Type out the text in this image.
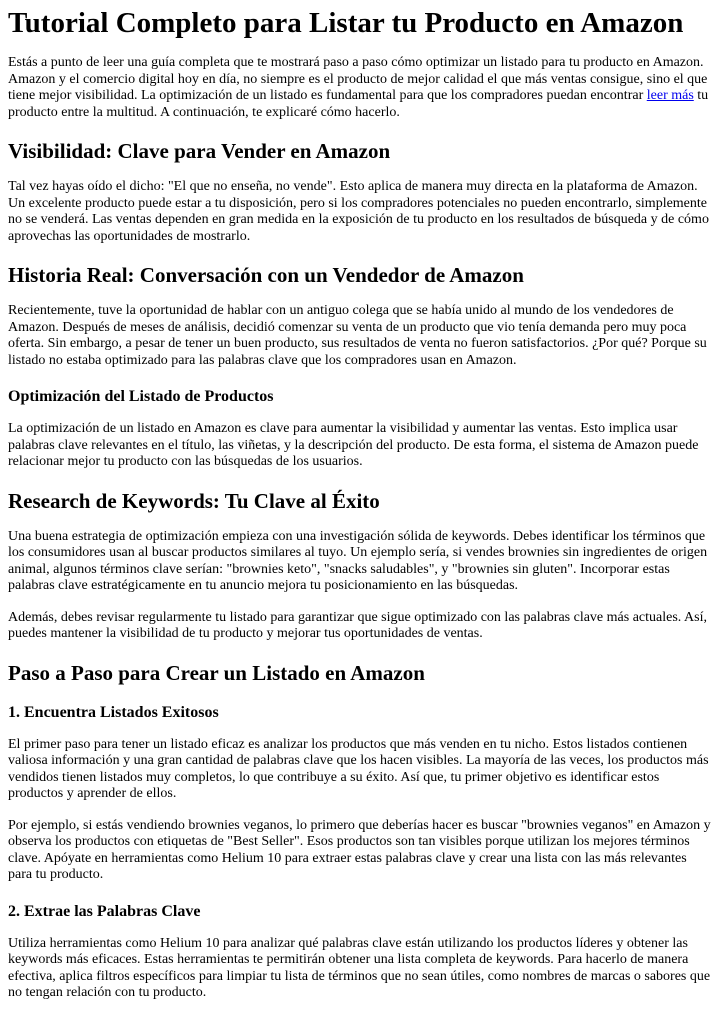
Tutorial Completo para Listar tu Producto en Amazon

Estás a punto de leer una guía completa que te mostrará paso a paso cómo optimizar un listado para tu producto en Amazon. Amazon y el comercio digital hoy en día, no siempre es el producto de mejor calidad el que más ventas consigue, sino el que tiene mejor visibilidad. La optimización de un listado es fundamental para que los compradores puedan encontrar leer más tu producto entre la multitud. A continuación, te explicaré cómo hacerlo.

Visibilidad: Clave para Vender en Amazon

Tal vez hayas oído el dicho: "El que no enseña, no vende". Esto aplica de manera muy directa en la plataforma de Amazon. Un excelente producto puede estar a tu disposición, pero si los compradores potenciales no pueden encontrarlo, simplemente no se venderá. Las ventas dependen en gran medida en la exposición de tu producto en los resultados de búsqueda y de cómo aprovechas las oportunidades de mostrarlo.

Historia Real: Conversación con un Vendedor de Amazon

Recientemente, tuve la oportunidad de hablar con un antiguo colega que se había unido al mundo de los vendedores de Amazon. Después de meses de análisis, decidió comenzar su venta de un producto que vio tenía demanda pero muy poca oferta. Sin embargo, a pesar de tener un buen producto, sus resultados de venta no fueron satisfactorios. ¿Por qué? Porque su listado no estaba optimizado para las palabras clave que los compradores usan en Amazon.

Optimización del Listado de Productos

La optimización de un listado en Amazon es clave para aumentar la visibilidad y aumentar las ventas. Esto implica usar palabras clave relevantes en el título, las viñetas, y la descripción del producto. De esta forma, el sistema de Amazon puede relacionar mejor tu producto con las búsquedas de los usuarios.

Research de Keywords: Tu Clave al Éxito

Una buena estrategia de optimización empieza con una investigación sólida de keywords. Debes identificar los términos que los consumidores usan al buscar productos similares al tuyo. Un ejemplo sería, si vendes brownies sin ingredientes de origen animal, algunos términos clave serían: "brownies keto", "snacks saludables", y "brownies sin gluten". Incorporar estas palabras clave estratégicamente en tu anuncio mejora tu posicionamiento en las búsquedas.

Además, debes revisar regularmente tu listado para garantizar que sigue optimizado con las palabras clave más actuales. Así, puedes mantener la visibilidad de tu producto y mejorar tus oportunidades de ventas.

Paso a Paso para Crear un Listado en Amazon
1. Encuentra Listados Exitosos

El primer paso para tener un listado eficaz es analizar los productos que más venden en tu nicho. Estos listados contienen valiosa información y una gran cantidad de palabras clave que los hacen visibles. La mayoría de las veces, los productos más vendidos tienen listados muy completos, lo que contribuye a su éxito. Así que, tu primer objetivo es identificar estos productos y aprender de ellos.

Por ejemplo, si estás vendiendo brownies veganos, lo primero que deberías hacer es buscar "brownies veganos" en Amazon y observa los productos con etiquetas de "Best Seller". Esos productos son tan visibles porque utilizan los mejores términos clave. Apóyate en herramientas como Helium 10 para extraer estas palabras clave y crear una lista con las más relevantes para tu producto.

2. Extrae las Palabras Clave

Utiliza herramientas como Helium 10 para analizar qué palabras clave están utilizando los productos líderes y obtener las keywords más eficaces. Estas herramientas te permitirán obtener una lista completa de keywords. Para hacerlo de manera efectiva, aplica filtros específicos para limpiar tu lista de términos que no sean útiles, como nombres de marcas o sabores que no tengan relación con tu producto.
